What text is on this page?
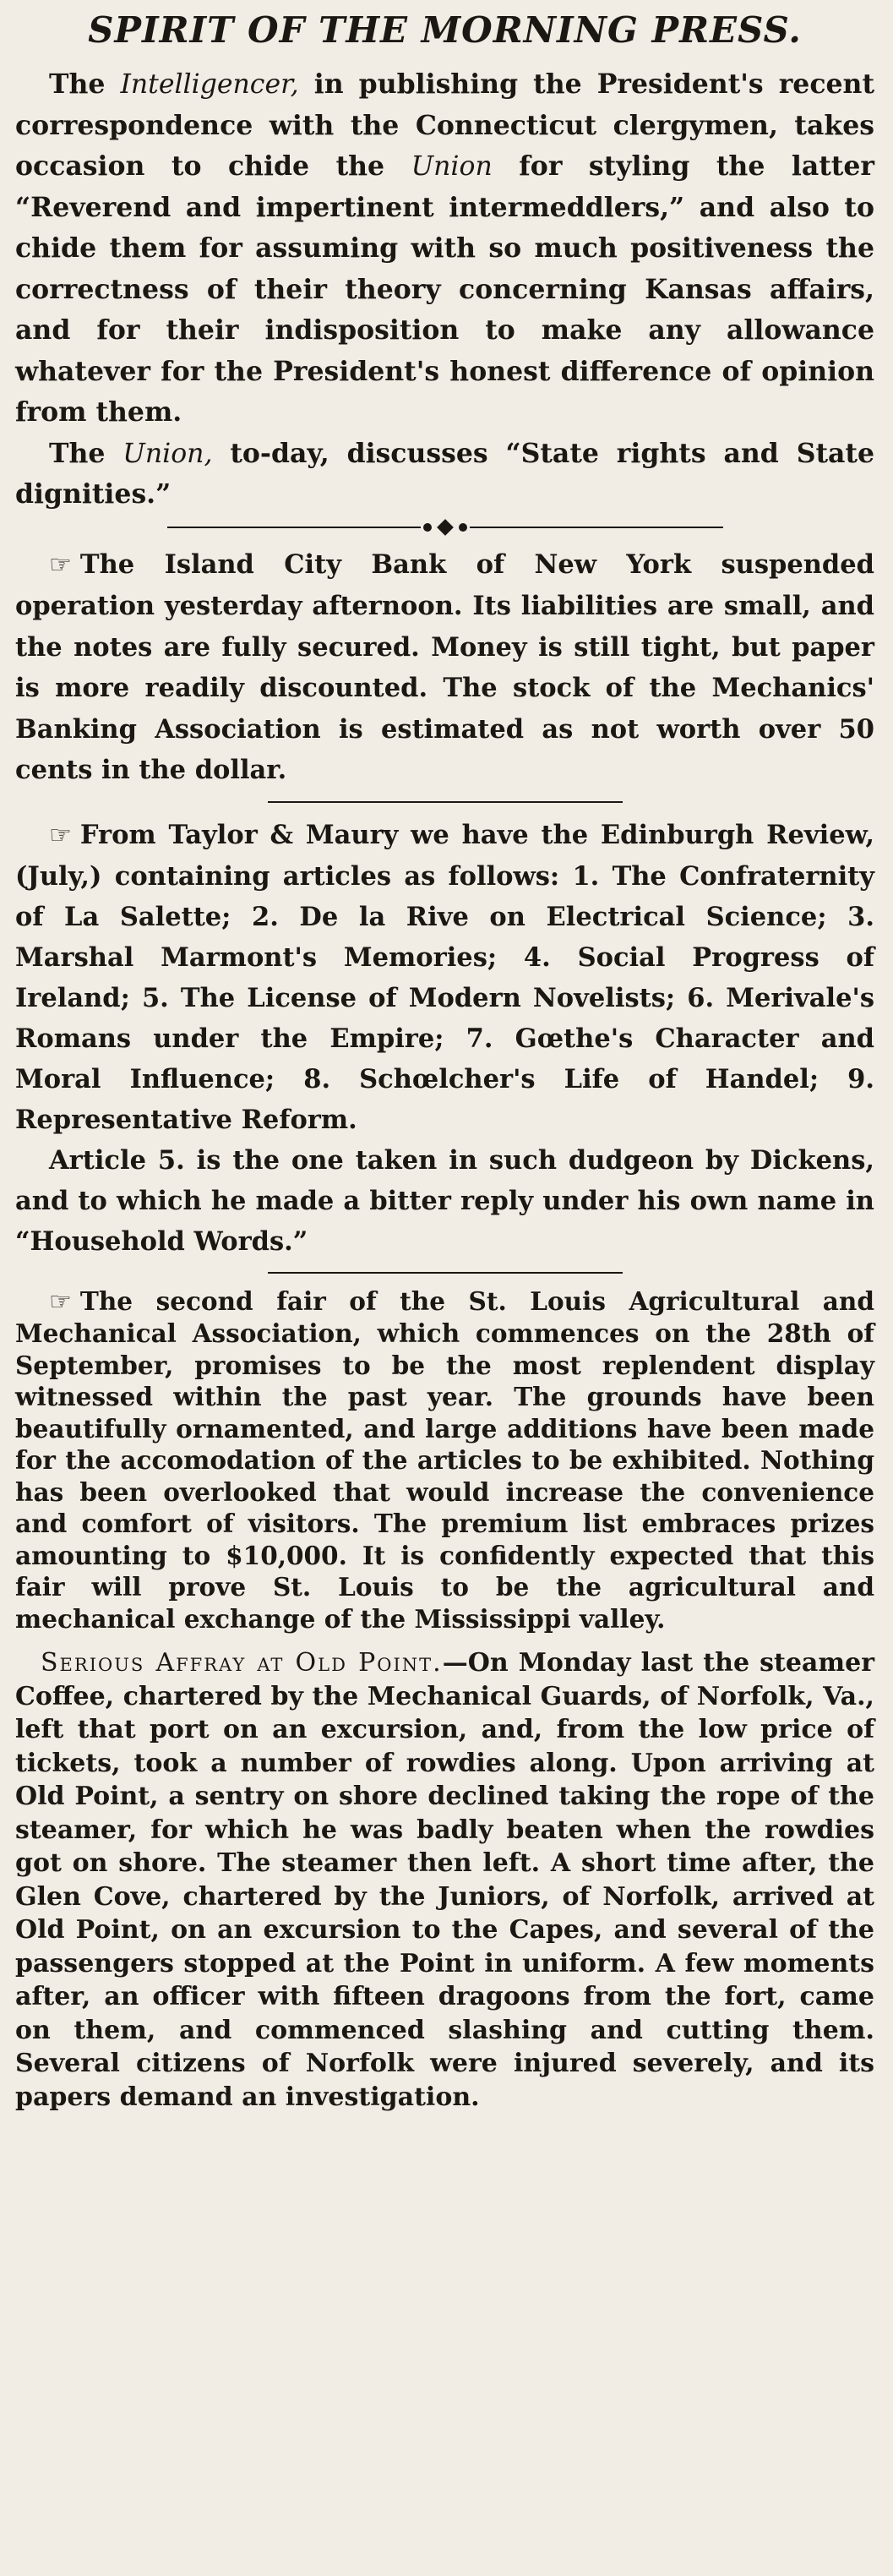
SPIRIT OF THE MORNING PRESS.

The Intelligencer, in publishing the President's recent correspondence with the Connecticut clergymen, takes occasion to chide the Union for styling the latter “Reverend and impertinent intermeddlers,” and also to chide them for assuming with so much positiveness the correctness of their theory concerning Kansas affairs, and for their indisposition to make any allowance whatever for the President's honest difference of opinion from them.

The Union, to-day, discusses “State rights and State dignities.”

☞ The Island City Bank of New York suspended operation yesterday afternoon. Its liabilities are small, and the notes are fully secured. Money is still tight, but paper is more readily discounted. The stock of the Mechanics' Banking Association is estimated as not worth over 50 cents in the dollar.

☞ From Taylor & Maury we have the Edinburgh Review, (July,) containing articles as follows: 1. The Confraternity of La Salette; 2. De la Rive on Electrical Science; 3. Marshal Marmont's Memories; 4. Social Progress of Ireland; 5. The License of Modern Novelists; 6. Merivale's Romans under the Empire; 7. Gœthe's Character and Moral Influence; 8. Schœlcher's Life of Handel; 9. Representative Reform.

Article 5. is the one taken in such dudgeon by Dickens, and to which he made a bitter reply under his own name in “Household Words.”

☞ The second fair of the St. Louis Agricultural and Mechanical Association, which commences on the 28th of September, promises to be the most replendent display witnessed within the past year. The grounds have been beautifully ornamented, and large additions have been made for the accomodation of the articles to be exhibited. Nothing has been overlooked that would increase the convenience and comfort of visitors. The premium list embraces prizes amounting to $10,000. It is confidently expected that this fair will prove St. Louis to be the agricultural and mechanical exchange of the Mississippi valley.

Serious Affray at Old Point.—On Monday last the steamer Coffee, chartered by the Mechanical Guards, of Norfolk, Va., left that port on an excursion, and, from the low price of tickets, took a number of rowdies along. Upon arriving at Old Point, a sentry on shore declined taking the rope of the steamer, for which he was badly beaten when the rowdies got on shore. The steamer then left. A short time after, the Glen Cove, chartered by the Juniors, of Norfolk, arrived at Old Point, on an excursion to the Capes, and several of the passengers stopped at the Point in uniform. A few moments after, an officer with fifteen dragoons from the fort, came on them, and commenced slashing and cutting them. Several citizens of Norfolk were injured severely, and its papers demand an investigation.
